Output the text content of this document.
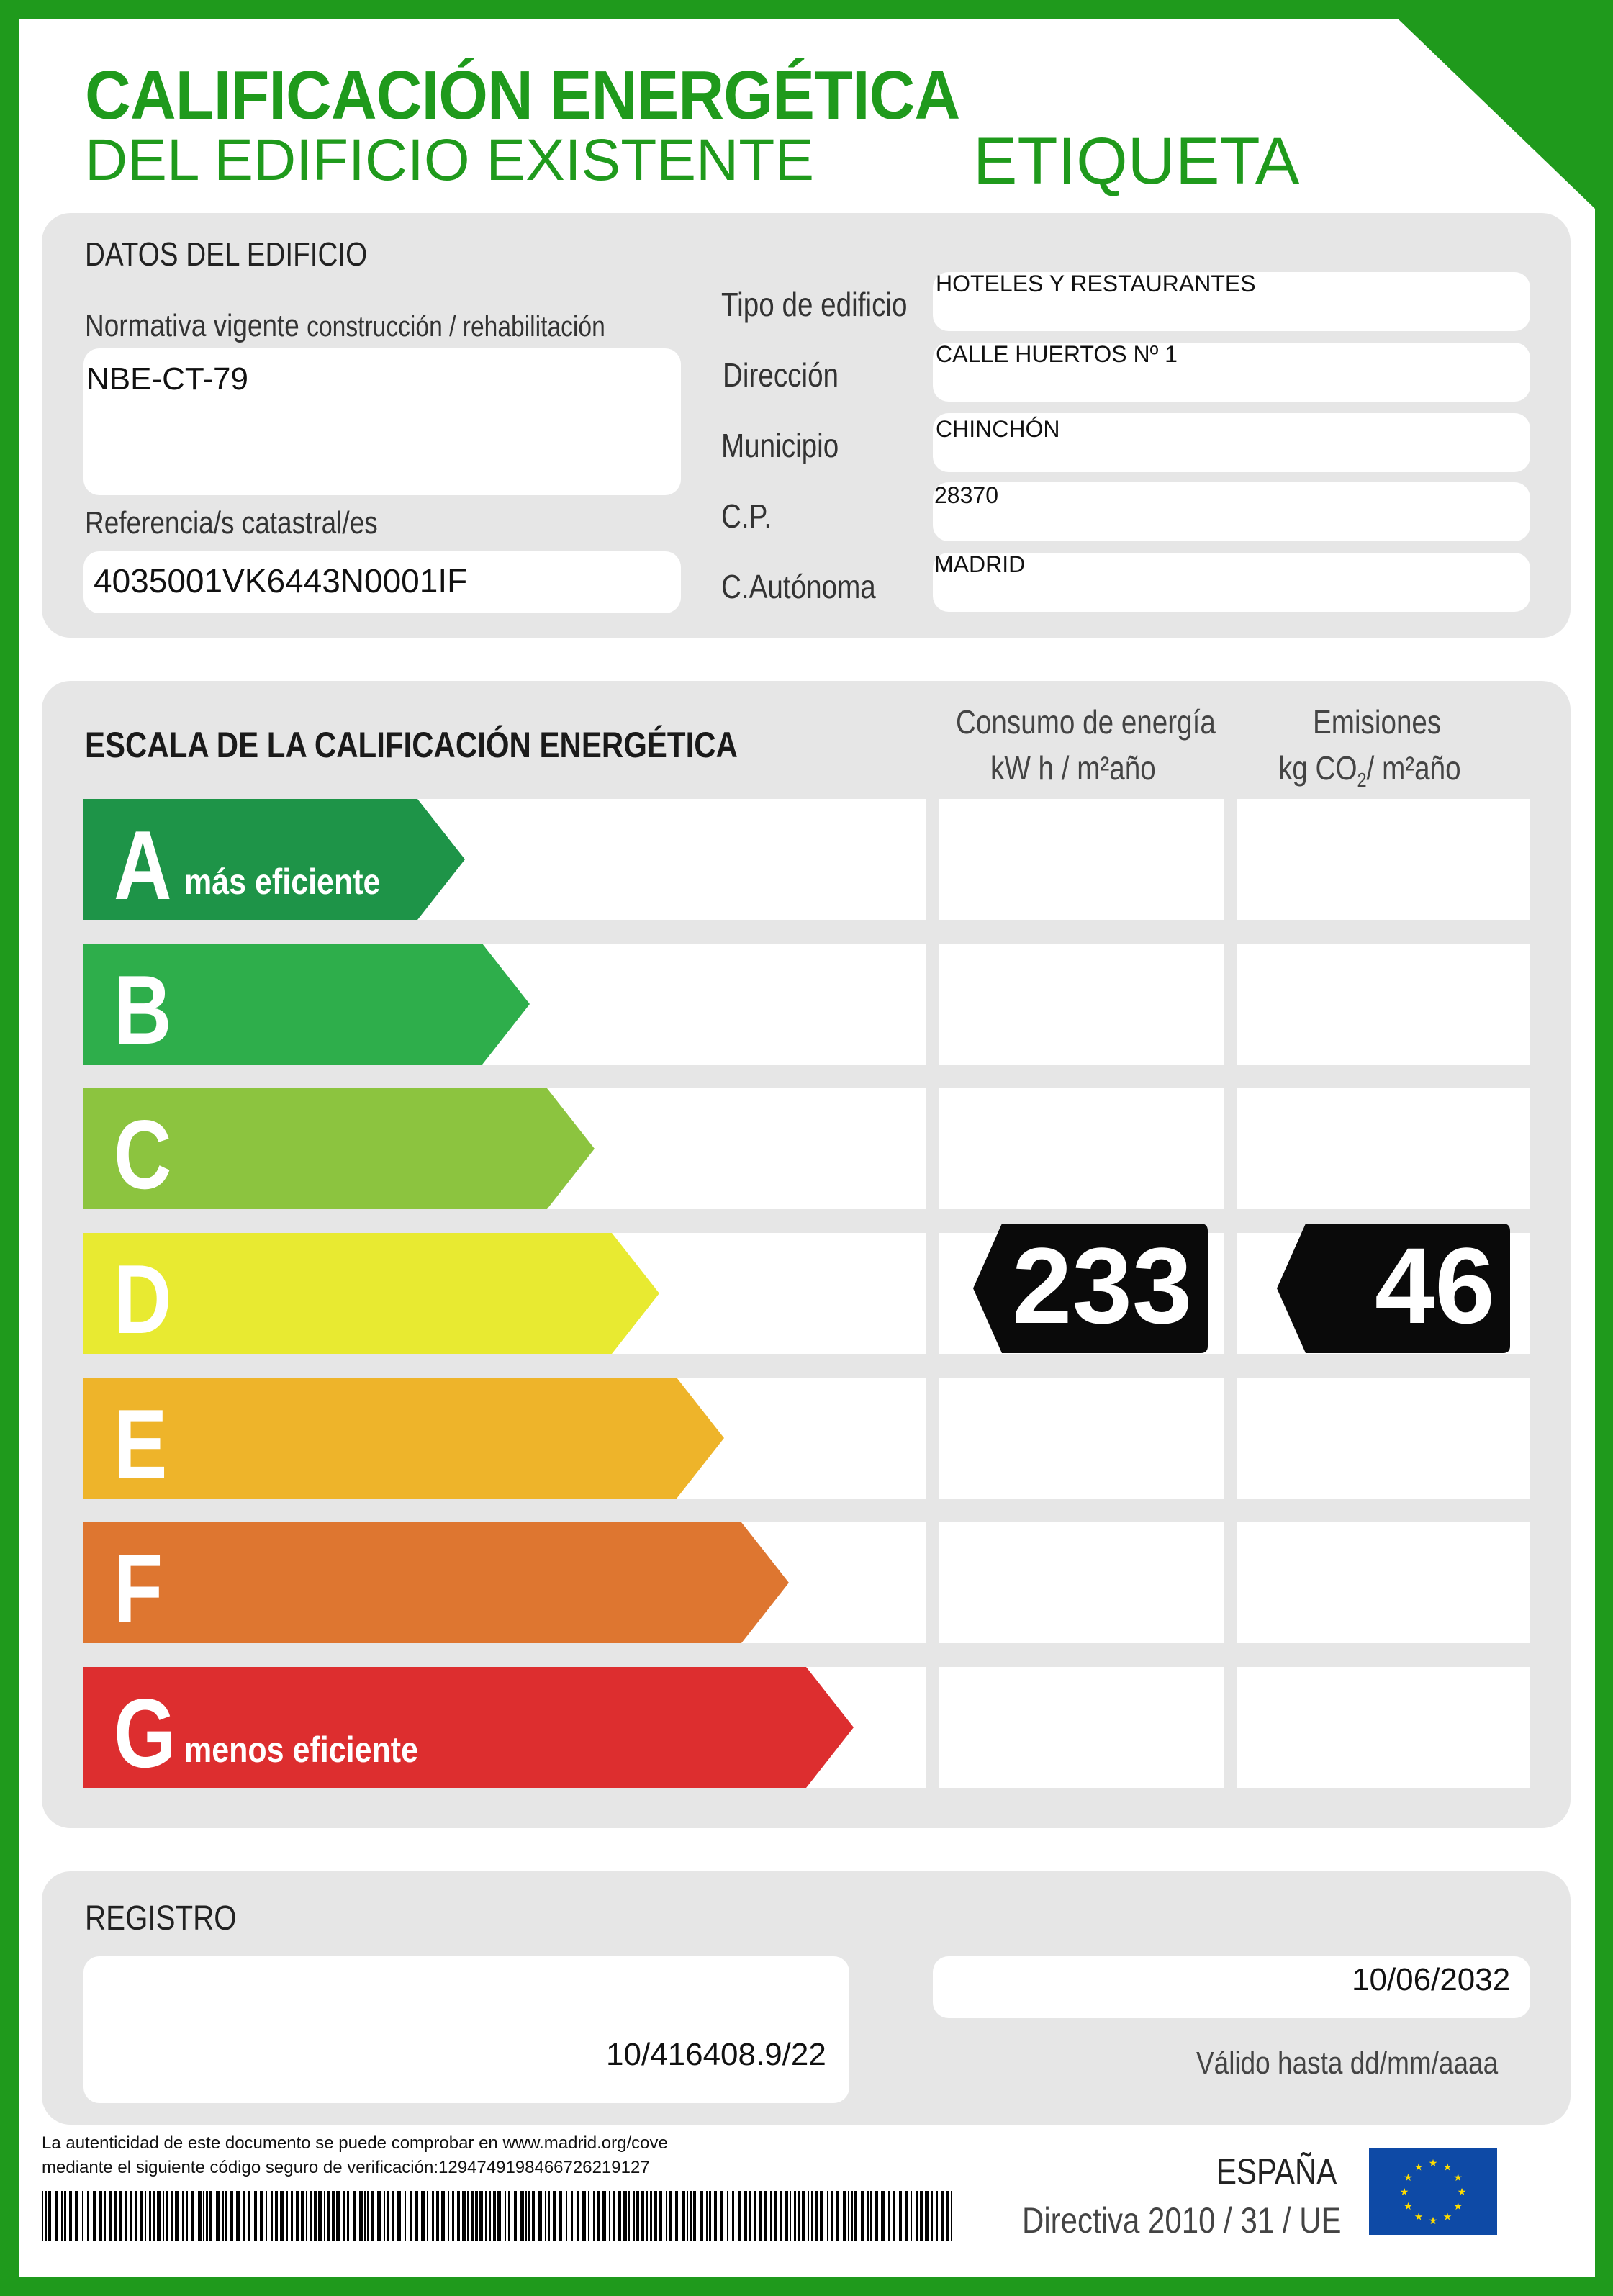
CALIFICACIÓN ENERGÉTICA
DEL EDIFICIO EXISTENTE ETIQUETA
DATOS DEL EDIFICIO
Normativa vigente construcción / rehabilitación
NBE-CT-79
Referencia/s catastral/es
4035001VK6443N0001IF
Tipo de edificio
HOTELES Y RESTAURANTES
Dirección
CALLE HUERTOS Nº 1
Municipio	CHINCHÓN
C.P.
28370
C.Autónoma
MADRID
ESCALA DE LA CALIFICACIÓN ENERGÉTICA
Consumo de energía
kW h / m²año
Emisiones
kg $CO_2/$ m²año
A más eficiente
B
C
D
E
F
G menos eficiente
233 46
REGISTRO
10/416408.9/22
10/06/2032
Válido hasta dd/mm/aaaa
La autenticidad de este documento se puede comprobar en www.madrid.org/cove
mediante el siguiente código seguro de verificación:1294749198466726219127	ESPAÑA
Directiva 2010 / 31 / UE
★ ★
★
★
★
★
★
★
★
★
★
★
